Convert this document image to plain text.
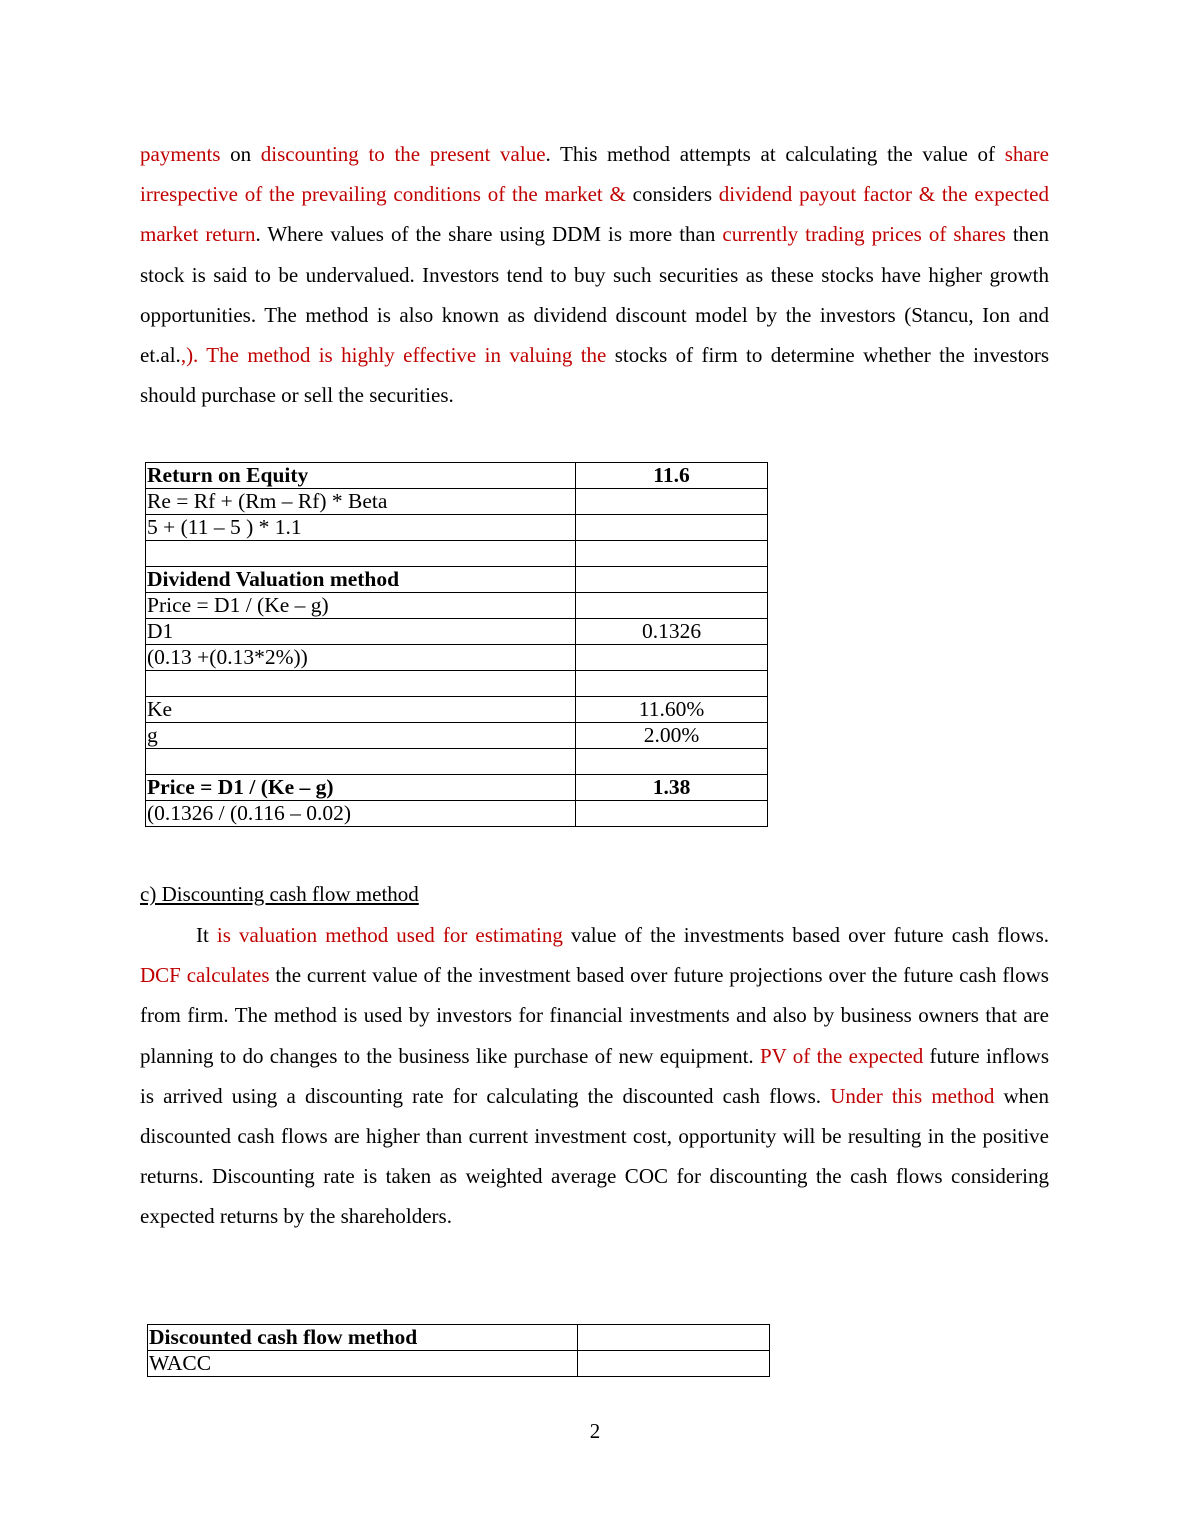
payments on discounting to the present value. This method attempts at calculating the value of share irrespective of the prevailing conditions of the market & considers dividend payout factor & the expected market return. Where values of the share using DDM is more than currently trading prices of shares then stock is said to be undervalued. Investors tend to buy such securities as these stocks have higher growth opportunities. The method is also known as dividend discount model by the investors (Stancu, Ion and et.al.,). The method is highly effective in valuing the stocks of firm to determine whether the investors should purchase or sell the securities.

Return on Equity	11.6
Re = Rf + (Rm – Rf) * Beta	
5 + (11 – 5 ) * 1.1	

Dividend Valuation method	
Price = D1 / (Ke – g)	
D1	0.1326
(0.13 +(0.13*2%))	

Ke	11.60%
g	2.00%

Price = D1 / (Ke – g)	1.38
(0.1326 / (0.116 – 0.02)	

c) Discounting cash flow method

It is valuation method used for estimating value of the investments based over future cash flows. DCF calculates the current value of the investment based over future projections over the future cash flows from firm. The method is used by investors for financial investments and also by business owners that are planning to do changes to the business like purchase of new equipment. PV of the expected future inflows is arrived using a discounting rate for calculating the discounted cash flows. Under this method when discounted cash flows are higher than current investment cost, opportunity will be resulting in the positive returns. Discounting rate is taken as weighted average COC for discounting the cash flows considering expected returns by the shareholders.

Discounted cash flow method	
WACC	
2
